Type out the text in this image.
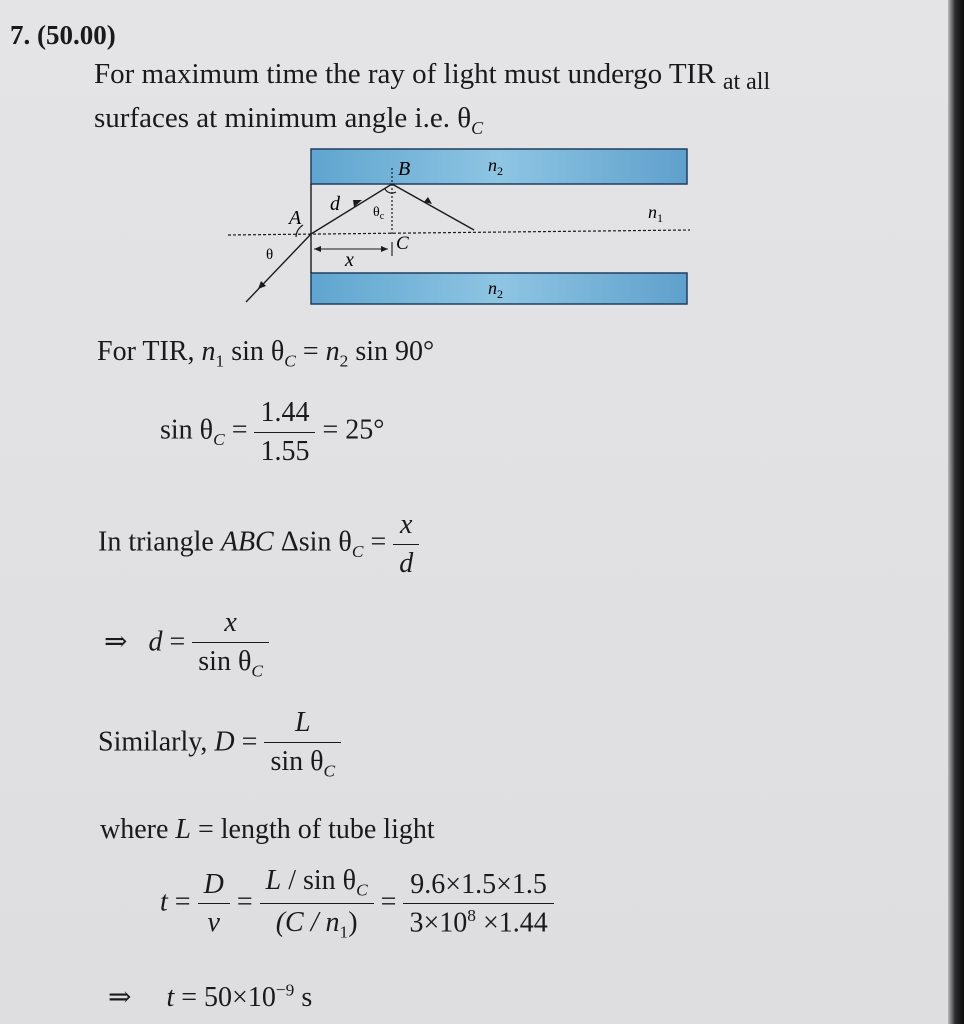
7. (50.00)
For maximum time the ray of light must undergo TIR $_{at all}$
surfaces at minimum angle i.e. $\theta_C$
B
A
C
d
x
θ
$\theta_c$	$n_1$
$n_2$
$n_2$
For TIR, $n_1$ $\sin \theta_C = n_2$ sin 90°
$\sin \theta_C = \frac{1.44}{1.55} = 25^\circ$
In triangle ABC Δsin $\theta_C = \frac{x}{d}$
⇒ $d = \frac{x}{\sin \theta_C}$
Similarly, $D = \frac{L}{\sin \theta_C}$
where L = length of tube light
$t = \frac{D}{v} = \frac{L / \sin \theta_C}{(C / n_1)} = \frac{9.6\times 1.5\times 1.5}{3\times 10^8 \times 1.44}$
⇒ $t = 50\times 10^{-9}$ s
